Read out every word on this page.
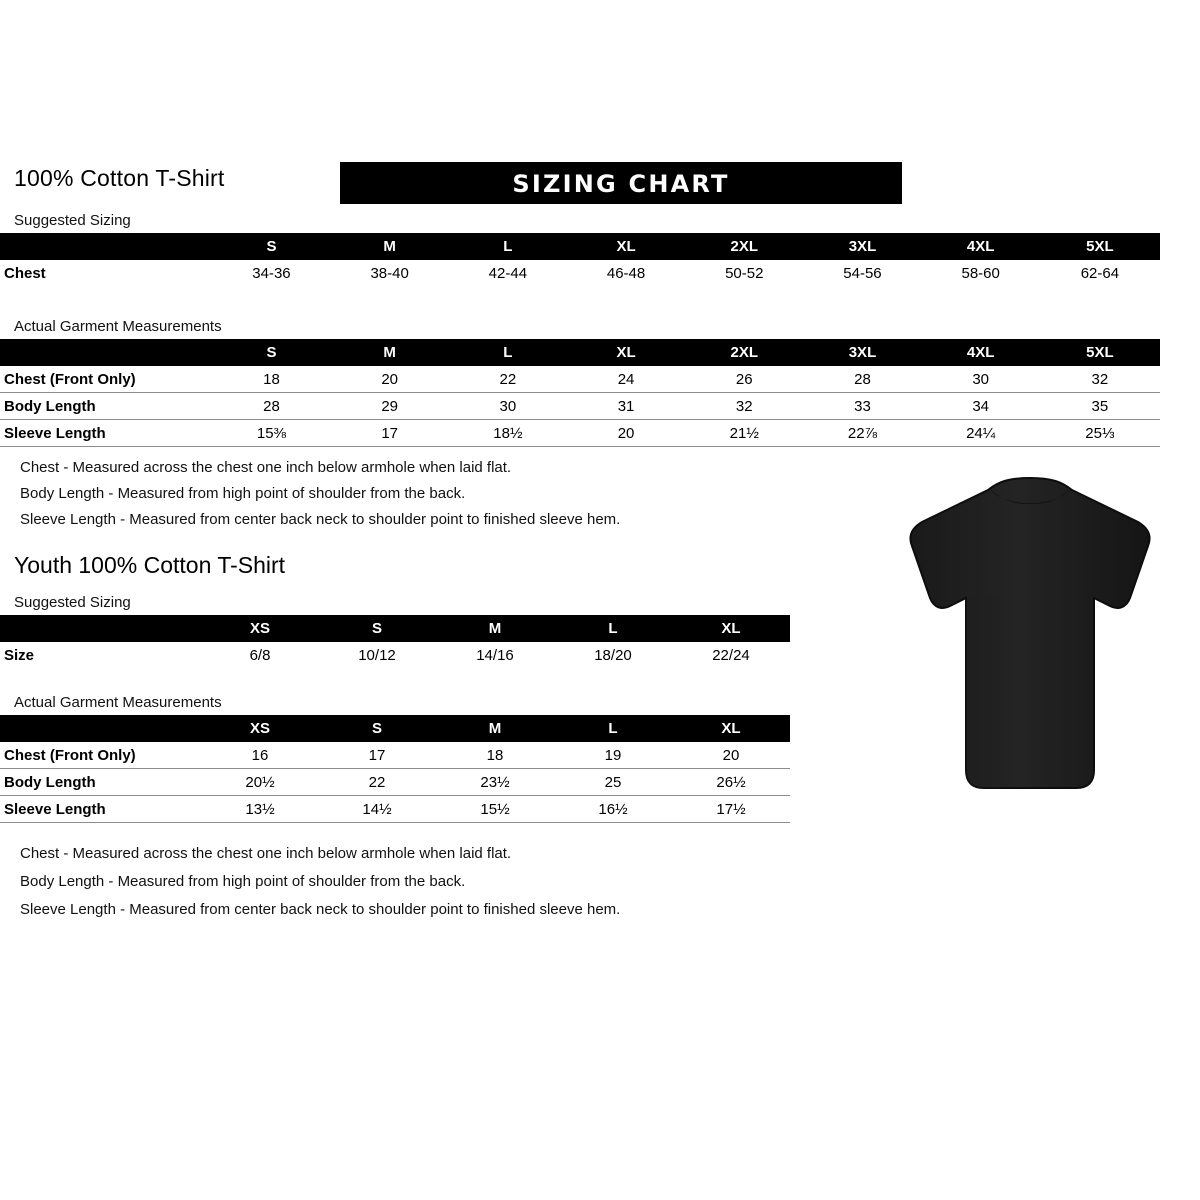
100% Cotton T-Shirt	SIZING CHART
Suggested Sizing
	S	M	L	XL	2XL	3XL	4XL	5XL
Chest	34-36	38-40	42-44	46-48	50-52	54-56	58-60	62-64
Actual Garment Measurements
	S	M	L	XL	2XL	3XL	4XL	5XL
Chest (Front Only)	18	20	22	24	26	28	30	32
Body Length	28	29	30	31	32	33	34	35
Sleeve Length	15⅜	17	18½	20	21½	22⅞	24¼	25⅓
Chest - Measured across the chest one inch below armhole when laid flat.
Body Length - Measured from high point of shoulder from the back.
Sleeve Length - Measured from center back neck to shoulder point to finished sleeve hem.
Youth 100% Cotton T-Shirt
Suggested Sizing
	XS	S	M	L	XL
Size	6/8	10/12	14/16	18/20	22/24
Actual Garment Measurements
	XS	S	M	L	XL
Chest (Front Only)	16	17	18	19	20
Body Length	20½	22	23½	25	26½
Sleeve Length	13½	14½	15½	16½	17½
Chest - Measured across the chest one inch below armhole when laid flat.
Body Length - Measured from high point of shoulder from the back.
Sleeve Length - Measured from center back neck to shoulder point to finished sleeve hem.
